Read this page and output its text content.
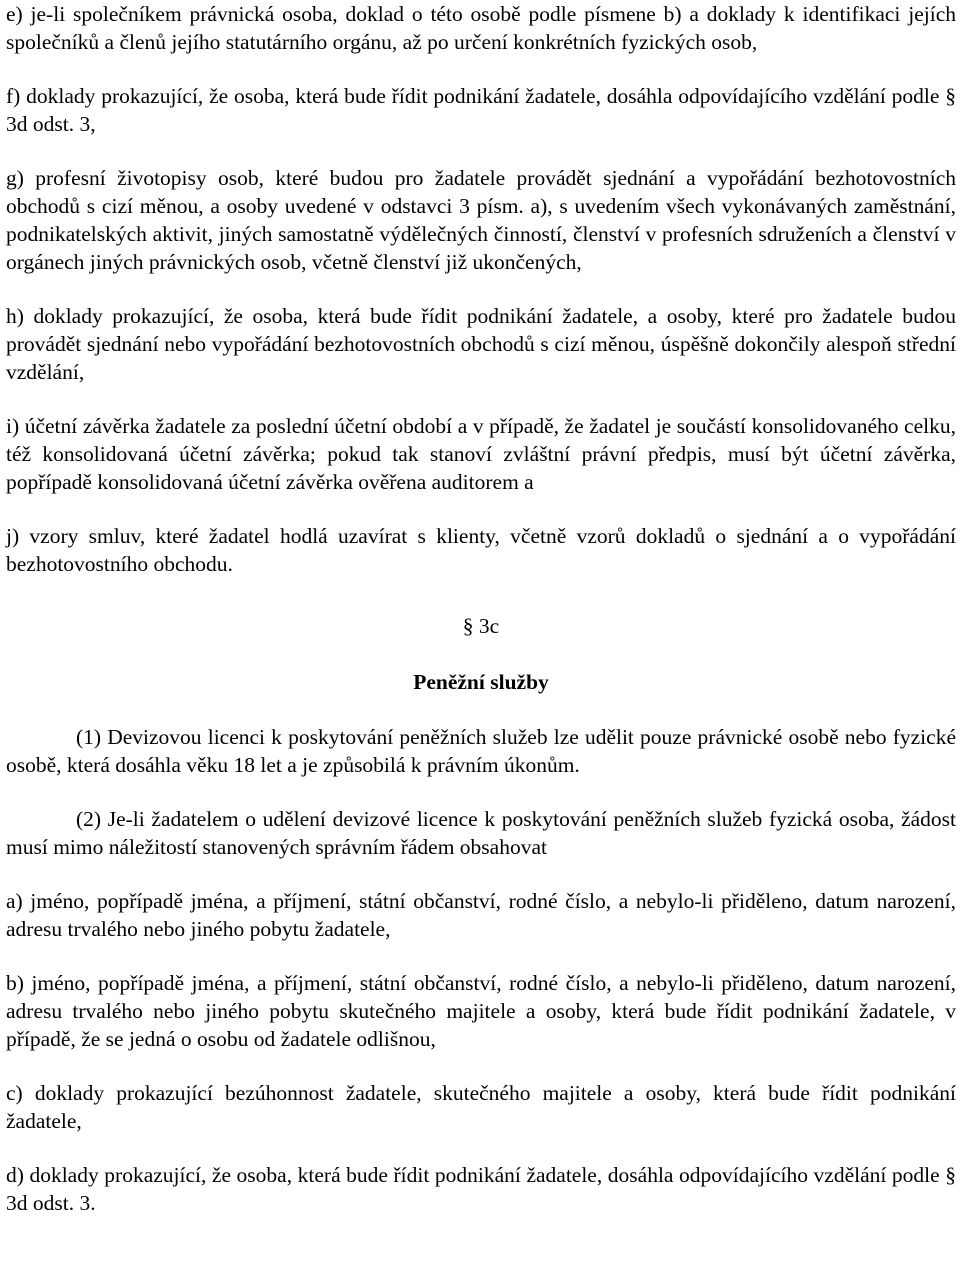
e) je-li společníkem právnická osoba, doklad o této osobě podle písmene b) a doklady k identifikaci jejích společníků a členů jejího statutárního orgánu, až po určení konkrétních fyzických osob,

f) doklady prokazující, že osoba, která bude řídit podnikání žadatele, dosáhla odpovídajícího vzdělání podle § 3d odst. 3,

g) profesní životopisy osob, které budou pro žadatele provádět sjednání a vypořádání bezhotovostních obchodů s cizí měnou, a osoby uvedené v odstavci 3 písm. a), s uvedením všech vykonávaných zaměstnání, podnikatelských aktivit, jiných samostatně výdělečných činností, členství v profesních sdruženích a členství v orgánech jiných právnických osob, včetně členství již ukončených,

h) doklady prokazující, že osoba, která bude řídit podnikání žadatele, a osoby, které pro žadatele budou provádět sjednání nebo vypořádání bezhotovostních obchodů s cizí měnou, úspěšně dokončily alespoň střední vzdělání,

i) účetní závěrka žadatele za poslední účetní období a v případě, že žadatel je součástí konsolidovaného celku, též konsolidovaná účetní závěrka; pokud tak stanoví zvláštní právní předpis, musí být účetní závěrka, popřípadě konsolidovaná účetní závěrka ověřena auditorem a

j) vzory smluv, které žadatel hodlá uzavírat s klienty, včetně vzorů dokladů o sjednání a o vypořádání bezhotovostního obchodu.

§ 3c

Peněžní služby

(1) Devizovou licenci k poskytování peněžních služeb lze udělit pouze právnické osobě nebo fyzické osobě, která dosáhla věku 18 let a je způsobilá k právním úkonům.

(2) Je-li žadatelem o udělení devizové licence k poskytování peněžních služeb fyzická osoba, žádost musí mimo náležitostí stanovených správním řádem obsahovat

a) jméno, popřípadě jména, a příjmení, státní občanství, rodné číslo, a nebylo-li přiděleno, datum narození, adresu trvalého nebo jiného pobytu žadatele,

b) jméno, popřípadě jména, a příjmení, státní občanství, rodné číslo, a nebylo-li přiděleno, datum narození, adresu trvalého nebo jiného pobytu skutečného majitele a osoby, která bude řídit podnikání žadatele, v případě, že se jedná o osobu od žadatele odlišnou,

c) doklady prokazující bezúhonnost žadatele, skutečného majitele a osoby, která bude řídit podnikání žadatele,

d) doklady prokazující, že osoba, která bude řídit podnikání žadatele, dosáhla odpovídajícího vzdělání podle § 3d odst. 3.
